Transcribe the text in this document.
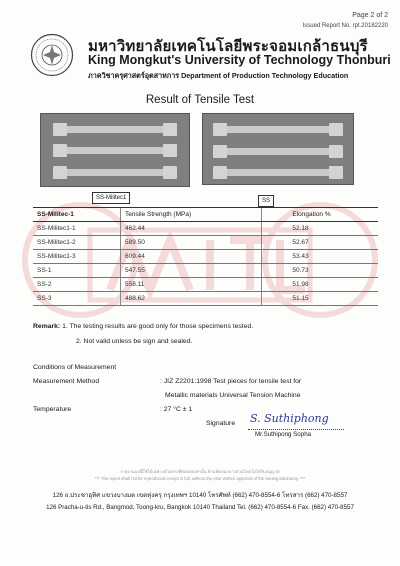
Page 2 of 2
Issued Report No. rpt.20182220
มหาวิทยาลัยเทคโนโลยีพระจอมเกล้าธนบุรี
King Mongkut's University of Technology Thonburi
ภาควิชาครุศาสตร์อุตสาหการ Department of Production Technology Education
Result of Tensile Test
SS-Militec1	SS
SS-Militec-1	Tensile Strength (MPa)	Elongation %
SS-Militec1-1	462.44	52.18
SS-Militec1-2	589.50	52.67
SS-Militec1-3	609.44	53.43
SS-1	547.55	50.73
SS-2	558.11	51.98
SS-3	488.62	51.15
Remark: 1. The testing results are good only for those specimens tested.
2. Not valid unless be sign and sealed.
Conditions of Measurement
Measurement Method	: JIZ Z2201:1998 Test pieces for tensile test for
Metallic materials Universal Tension Machine
Temperature	: 27 °C ± 1
Signature S. Suthiphong
Mr.Suthipong Sopha
รายงานผลนี้ใช้ได้เฉพาะตัวอย่างที่ทดสอบเท่านั้น ห้ามคัดลอกบางส่วนโดยไม่ได้รับอนุญาต
*** The report shall not be reproduced except in full, without the prior written approval of the issuing laboratory. ***
126 ถ.ประชาอุทิศ แขวงบางมด เขตทุ่งครุ กรุงเทพฯ 10140 โทรศัพท์ (662) 470-8554-6 โทรสาร (662) 470-8557
126 Pracha-u-tis Rd., Bangmod, Toong-kru, Bangkok 10140 Thailand Tel. (662) 470-8554-6 Fax. (662) 470-8557
